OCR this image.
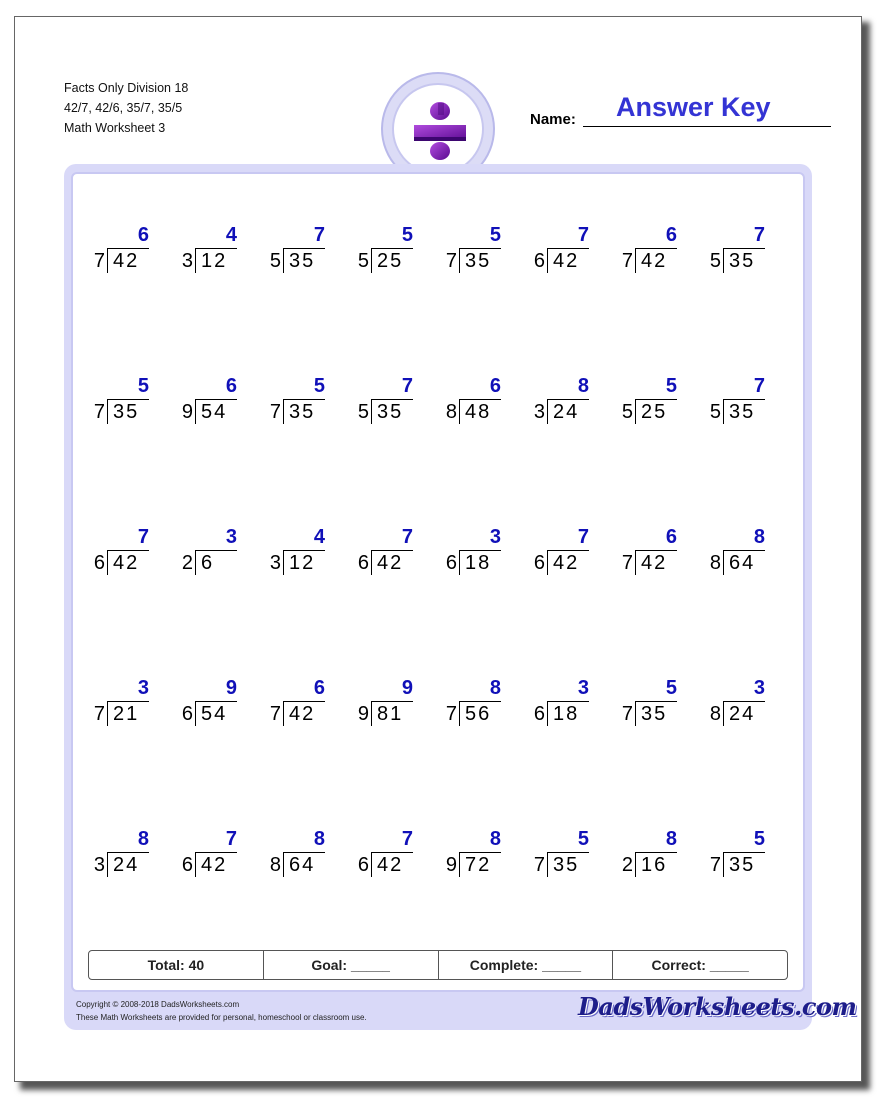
Facts Only Division 18
42/7, 42/6, 35/7, 35/5
Math Worksheet 3	Name: Answer Key
6
7 42
4
3 12
7
5 35
5
5 25
5
7 35
7
6 42
6
7 42
7
5 35
5
7 35
6
9 54
5
7 35
7
5 35
6
8 48
8
3 24
5
5 25
7
5 35
7
6 42
3
2 6
4
3 12
7
6 42
3
6 18
7
6 42
6
7 42
8
8 64
3
7 21
9
6 54
6
7 42
9
9 81
8
7 56
3
6 18
5
7 35
3
8 24
8
3 24
7
6 42
8
8 64
7
6 42
8
9 72
5
7 35
8
2 16
5
7 35
Total: 40	Goal: _____	Complete: _____	Correct: _____
Copyright © 2008-2018 DadsWorksheets.com
These Math Worksheets are provided for personal, homeschool or classroom use.	DadsWorksheets.com
